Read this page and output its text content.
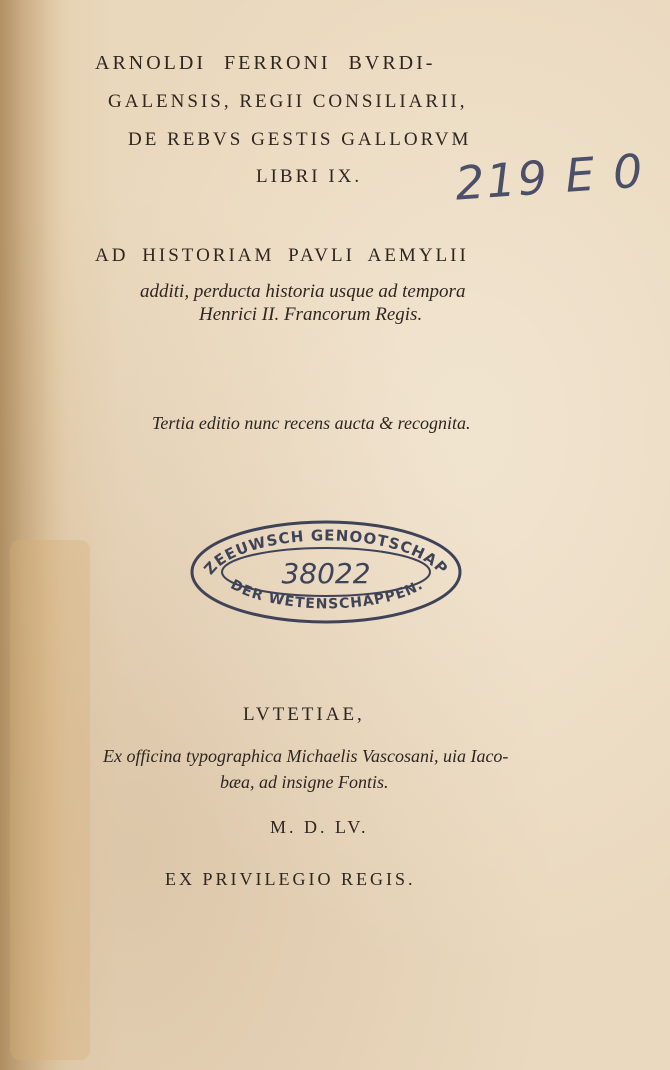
ARNOLDI FERRONI BVRDI-

GALENSIS, REGII CONSILIARII,

DE REBVS GESTIS GALLORVM

LIBRI IX. 219 E 0

AD HISTORIAM PAVLI AEMYLII

additi, perducta historia usque ad tempora

Henrici II. Francorum Regis.

Tertia editio nunc recens aucta & recognita.

ZEEUWSCH GENOOTSCHAP
38022
DER WETENSCHAPPEN.

LVTETIAE,

Ex officina typographica Michaelis Vascosani, uia Iaco-

bæa, ad insigne Fontis.

M. D. LV.

EX PRIVILEGIO REGIS.
